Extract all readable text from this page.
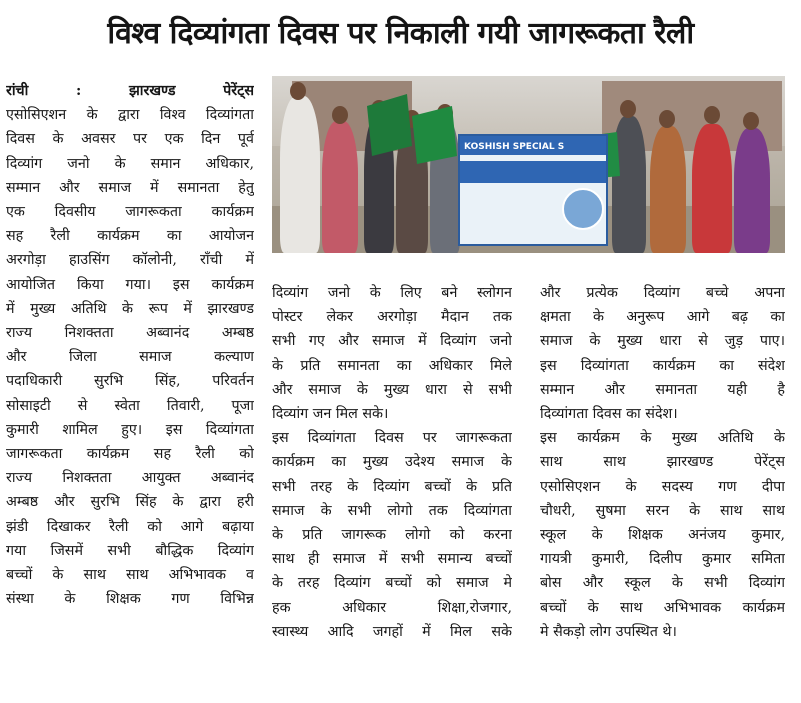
विश्व दिव्यांगता दिवस पर निकाली गयी जागरूकता रैली
KOSHISH SPECIAL S

रांची : झारखण्ड पेरेंट्स

एसोसिएशन के द्वारा विश्व दिव्यांगता

दिवस के अवसर पर एक दिन पूर्व

दिव्यांग जनो के समान अधिकार,

सम्मान और समाज में समानता हेतु

एक दिवसीय जागरूकता कार्यक्रम

सह रैली कार्यक्रम का आयोजन

अरगोड़ा हाउसिंग कॉलोनी, राँची में

आयोजित किया गया। इस कार्यक्रम

में मुख्य अतिथि के रूप में झारखण्ड

राज्य निशक्तता अब्वानंद अम्बष्ठ

और जिला समाज कल्याण

पदाधिकारी सुरभि सिंह, परिवर्तन

सोसाइटी से स्वेता तिवारी, पूजा

कुमारी शामिल हुए। इस दिव्यांगता

जागरूकता कार्यक्रम सह रैली को

राज्य निशक्तता आयुक्त अब्वानंद

अम्बष्ठ और सुरभि सिंह के द्वारा हरी

झंडी दिखाकर रैली को आगे बढ़ाया

गया जिसमें सभी बौद्धिक दिव्यांग

बच्चों के साथ साथ अभिभावक व

संस्था के शिक्षक गण विभिन्न

दिव्यांग जनो के लिए बने स्लोगन

पोस्टर लेकर अरगोड़ा मैदान तक

सभी गए और समाज में दिव्यांग जनो

के प्रति समानता का अधिकार मिले

और समाज के मुख्य धारा से सभी

दिव्यांग जन मिल सके।

इस दिव्यांगता दिवस पर जागरूकता

कार्यक्रम का मुख्य उदेश्य समाज के

सभी तरह के दिव्यांग बच्चों के प्रति

समाज के सभी लोगो तक दिव्यांगता

के प्रति जागरूक लोगो को करना

साथ ही समाज में सभी समान्य बच्चों

के तरह दिव्यांग बच्चों को समाज मे

हक अधिकार शिक्षा,रोजगार,

स्वास्थ्य आदि जगहों में मिल सके

और प्रत्येक दिव्यांग बच्चे अपना

क्षमता के अनुरूप आगे बढ़ का

समाज के मुख्य धारा से जुड़ पाए।

इस दिव्यांगता कार्यक्रम का संदेश

सम्मान और समानता यही है

दिव्यांगता दिवस का संदेश।

इस कार्यक्रम के मुख्य अतिथि के

साथ साथ झारखण्ड पेरेंट्स

एसोसिएशन के सदस्य गण दीपा

चौधरी, सुषमा सरन के साथ साथ

स्कूल के शिक्षक अनंजय कुमार,

गायत्री कुमारी, दिलीप कुमार समिता

बोस और स्कूल के सभी दिव्यांग

बच्चों के साथ अभिभावक कार्यक्रम

मे सैकड़ो लोग उपस्थित थे।
